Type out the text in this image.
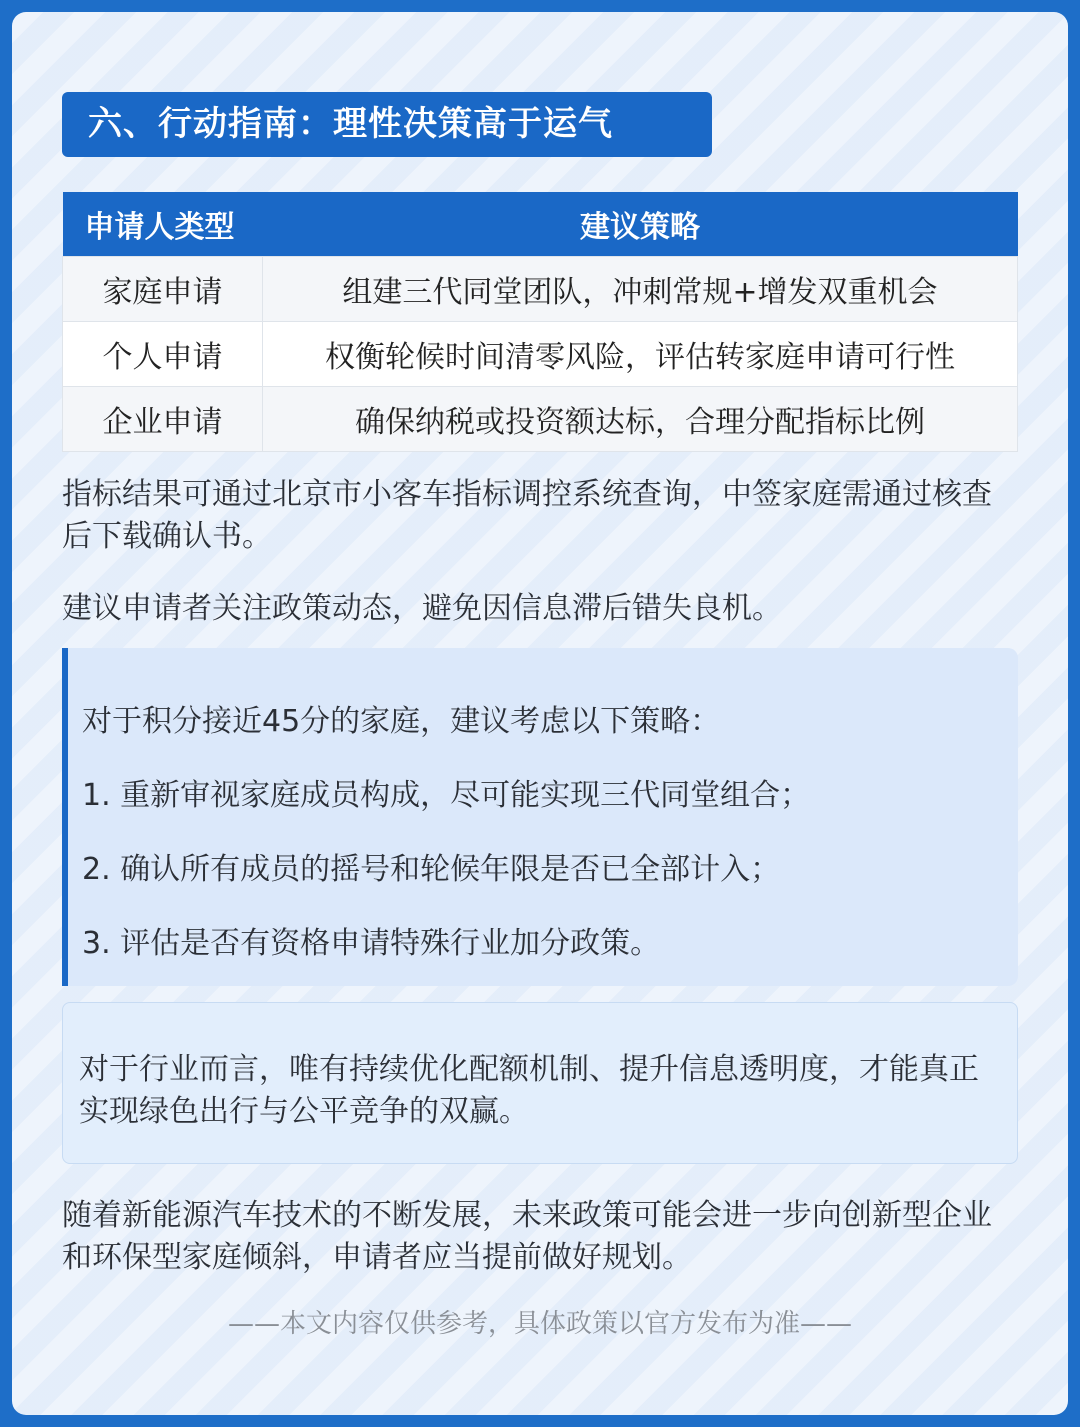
六、行动指南：理性决策高于运气
申请人类型	建议策略
家庭申请	组建三代同堂团队，冲刺常规+增发双重机会
个人申请	权衡轮候时间清零风险，评估转家庭申请可行性
企业申请	确保纳税或投资额达标，合理分配指标比例
指标结果可通过北京市小客车指标调控系统查询，中签家庭需通过核查后下载确认书。
建议申请者关注政策动态，避免因信息滞后错失良机。
对于积分接近45分的家庭，建议考虑以下策略：
1. 重新审视家庭成员构成，尽可能实现三代同堂组合；
2. 确认所有成员的摇号和轮候年限是否已全部计入；
3. 评估是否有资格申请特殊行业加分政策。
对于行业而言，唯有持续优化配额机制、提升信息透明度，才能真正实现绿色出行与公平竞争的双赢。
随着新能源汽车技术的不断发展，未来政策可能会进一步向创新型企业和环保型家庭倾斜，申请者应当提前做好规划。
——本文内容仅供参考，具体政策以官方发布为准——
